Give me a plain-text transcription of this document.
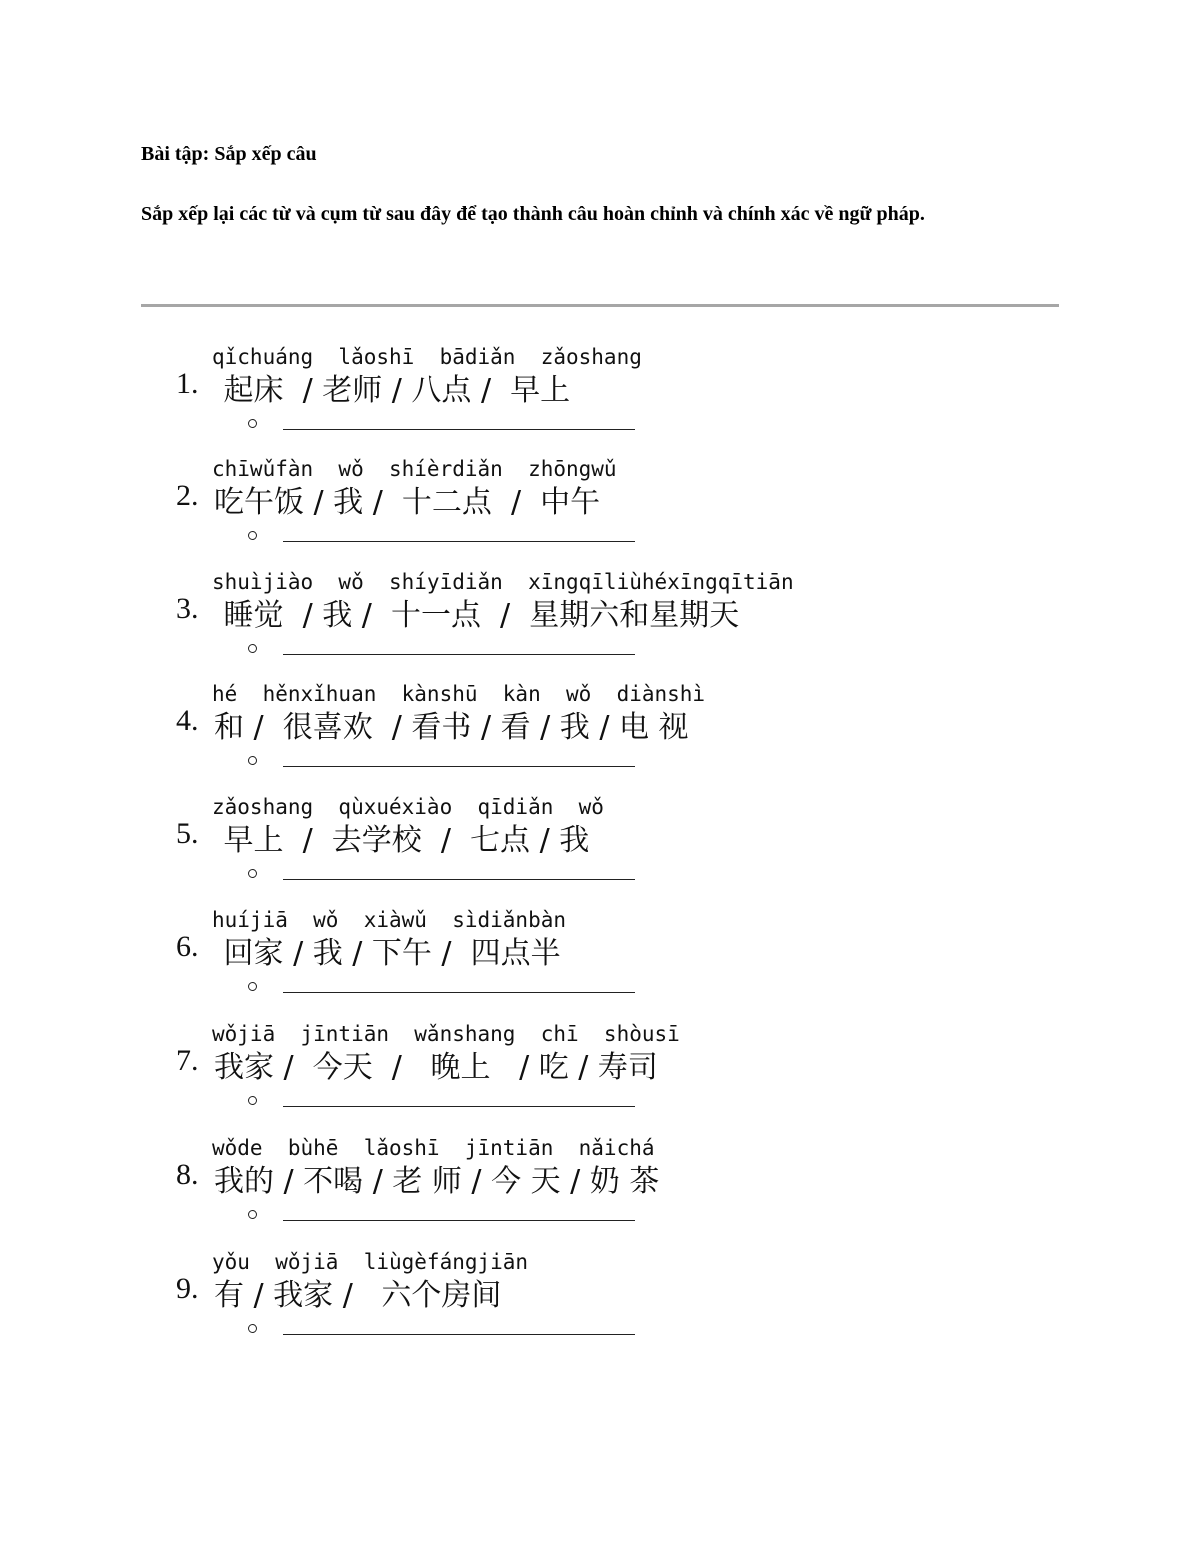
Bài tập: Sắp xếp câu

Sắp xếp lại các từ và cụm từ sau đây để tạo thành câu hoàn chỉnh và chính xác về ngữ pháp.

qǐchuáng  lǎoshī  bādiǎn  zǎoshang
1. 起床  / 老师 / 八点 /  早上
chīwǔfàn  wǒ  shíèrdiǎn  zhōngwǔ
2. 吃午饭 / 我 /  十二点  /  中午
shuìjiào  wǒ  shíyīdiǎn  xīngqīliùhéxīngqītiān
3. 睡觉  / 我 /  十一点  /  星期六和星期天
hé  hěnxǐhuan  kànshū  kàn  wǒ  diànshì
4. 和 /  很喜欢  / 看书 / 看 / 我 / 电 视
zǎoshang  qùxuéxiào  qīdiǎn  wǒ
5. 早上  /  去学校  /  七点 / 我
huíjiā  wǒ  xiàwǔ  sìdiǎnbàn
6. 回家 / 我 / 下午 /  四点半
wǒjiā  jīntiān  wǎnshang  chī  shòusī
7. 我家 /  今天  /   晚上   / 吃 / 寿司
wǒde  bùhē  lǎoshī  jīntiān  nǎichá
8. 我的 / 不喝 / 老 师 / 今 天 / 奶 茶
yǒu  wǒjiā  liùgèfángjiān
9. 有 / 我家 /   六个房间
